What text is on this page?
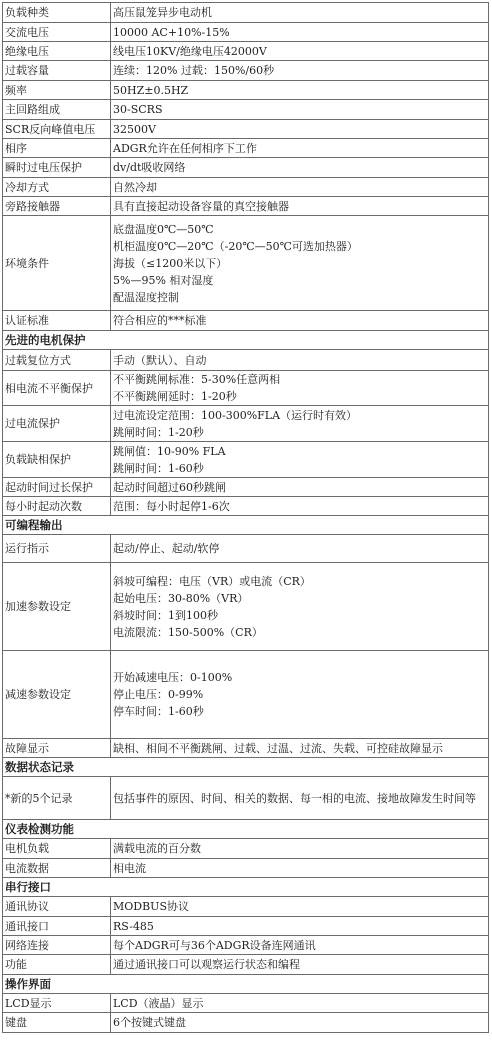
负载种类	高压鼠笼异步电动机

交流电压	10000 AC+10%-15%

绝缘电压	线电压10KV/绝缘电压42000V

过载容量	连续：120% 过载：150%/60秒

频率	50HZ±0.5HZ

主回路组成	30-SCRS

SCR反向峰值电压	32500V

相序	ADGR允许在任何相序下工作

瞬时过电压保护	dv/dt吸收网络

冷却方式	自然冷却

旁路接触器	具有直接起动设备容量的真空接触器

环境条件	底盘温度0℃—50℃
机柜温度0℃—20℃（-20℃—50℃可选加热器）
海拔（≤1200米以下）
5%—95% 相对湿度
配温湿度控制

认证标准	符合相应的***标准

先进的电机保护	
过载复位方式	手动（默认）、自动

相电流不平衡保护	不平衡跳闸标准：5-30%任意两相
不平衡跳闸延时：1-20秒

过电流保护	过电流设定范围：100-300%FLA（运行时有效）
跳闸时间：1-20秒

负载缺相保护	跳闸值：10-90% FLA
跳闸时间：1-60秒

起动时间过长保护	起动时间超过60秒跳闸

每小时起动次数	范围：每小时起停1-6次

可编程输出	
运行指示	起动/停止、起动/软停

加速参数设定	斜坡可编程：电压（VR）或电流（CR）
起始电压：30-80%（VR）
斜坡时间：1到100秒
电流限流：150-500%（CR）

减速参数设定	开始减速电压：0-100%
停止电压：0-99%
停车时间：1-60秒

故障显示	缺相、相间不平衡跳闸、过载、过温、过流、失载、可控硅故障显示

数据状态记录	
*新的5个记录	包括事件的原因、时间、相关的数据、每一相的电流、接地故障发生时间等

仪表检测功能	
电机负载	满载电流的百分数

电流数据	相电流

串行接口	
通讯协议	MODBUS协议

通讯接口	RS-485

网络连接	每个ADGR可与36个ADGR设备连网通讯

功能	通过通讯接口可以观察运行状态和编程

操作界面	
LCD显示	LCD（液晶）显示

键盘	6个按键式键盘
